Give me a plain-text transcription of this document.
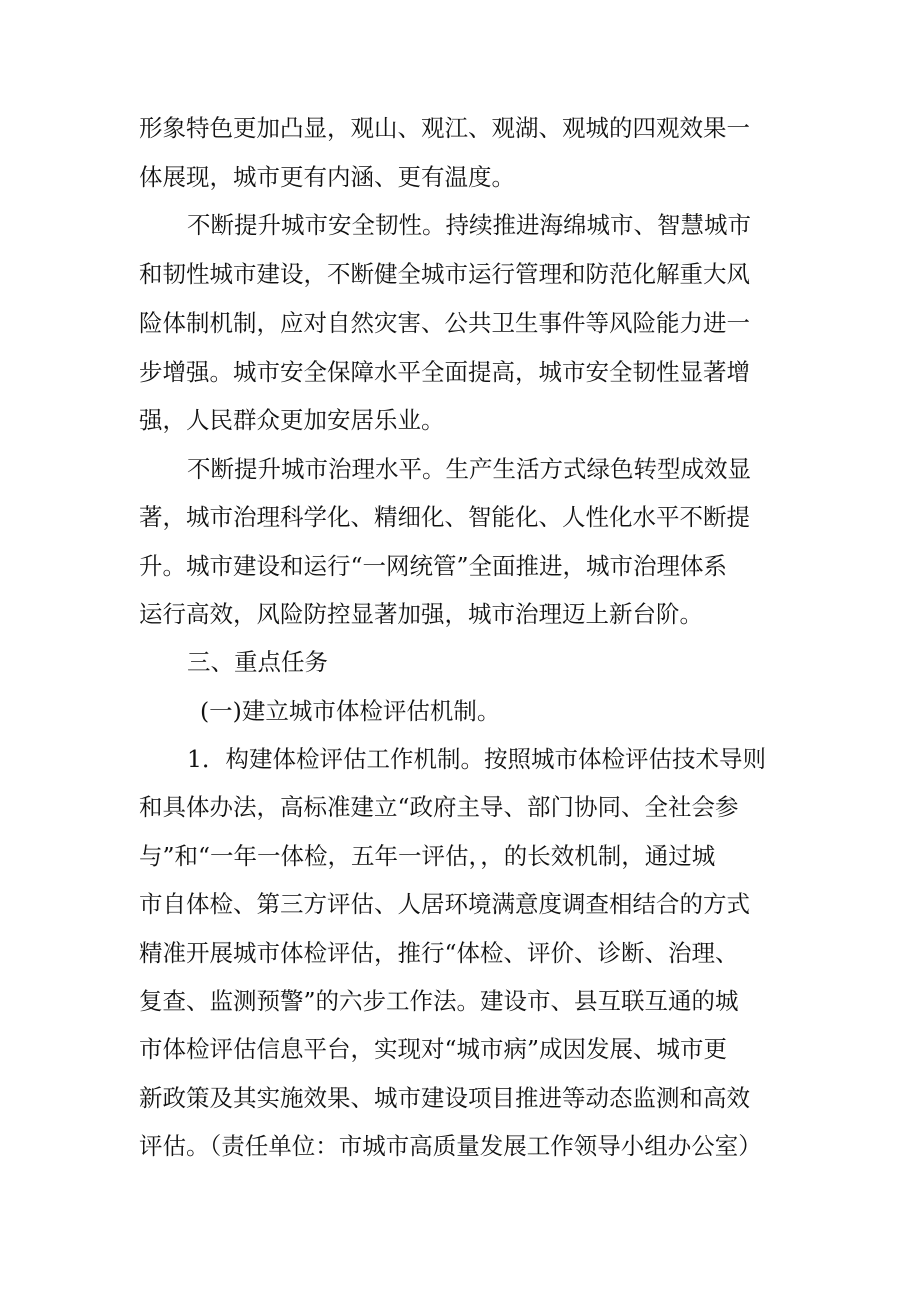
形象特色更加凸显，观山、观江、观湖、观城的四观效果一
体展现，城市更有内涵、更有温度。
不断提升城市安全韧性。持续推进海绵城市、智慧城市
和韧性城市建设，不断健全城市运行管理和防范化解重大风
险体制机制，应对自然灾害、公共卫生事件等风险能力进一
步增强。城市安全保障水平全面提高，城市安全韧性显著增
强，人民群众更加安居乐业。
不断提升城市治理水平。生产生活方式绿色转型成效显
著，城市治理科学化、精细化、智能化、人性化水平不断提
升。城市建设和运行“一网统管”全面推进，城市治理体系
运行高效，风险防控显著加强，城市治理迈上新台阶。
三、重点任务
(一)建立城市体检评估机制。
1．构建体检评估工作机制。按照城市体检评估技术导则
和具体办法，高标准建立“政府主导、部门协同、全社会参
与”和“一年一体检，五年一评估，，的长效机制，通过城
市自体检、第三方评估、人居环境满意度调查相结合的方式
精准开展城市体检评估，推行“体检、评价、诊断、治理、
复查、监测预警”的六步工作法。建设市、县互联互通的城
市体检评估信息平台，实现对“城市病”成因发展、城市更
新政策及其实施效果、城市建设项目推进等动态监测和高效
评估。（责任单位：市城市高质量发展工作领导小组办公室）
